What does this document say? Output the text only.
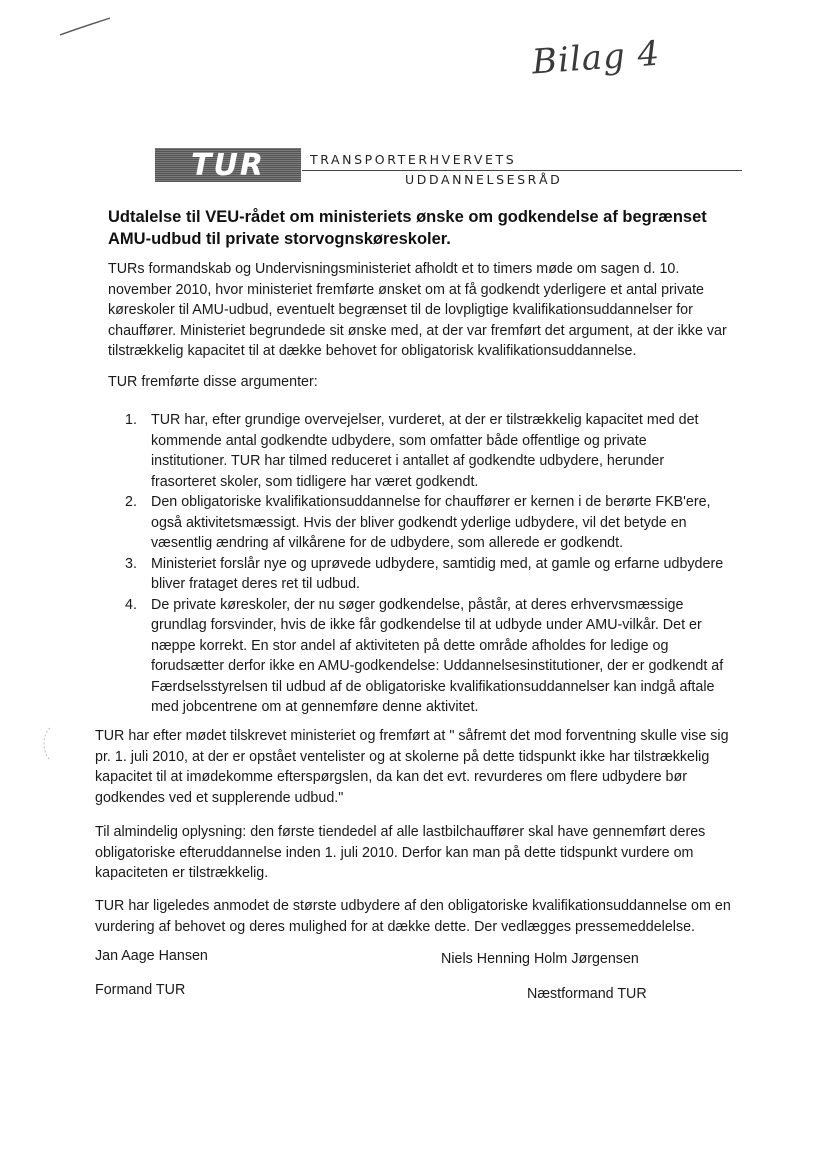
Bilag 4
TUR	TRANSPORTERHVERVETS
UDDANNELSESRÅD
Udtalelse til VEU-rådet om ministeriets ønske om godkendelse af begrænset AMU-udbud til private storvognskøreskoler.
TURs formandskab og Undervisningsministeriet afholdt et to timers møde om sagen d. 10. november 2010, hvor ministeriet fremførte ønsket om at få godkendt yderligere et antal private køreskoler til AMU-udbud, eventuelt begrænset til de lovpligtige kvalifikationsuddannelser for chauffører. Ministeriet begrundede sit ønske med, at der var fremført det argument, at der ikke var tilstrækkelig kapacitet til at dække behovet for obligatorisk kvalifikationsuddannelse.
TUR fremførte disse argumenter:
1. TUR har, efter grundige overvejelser, vurderet, at der er tilstrækkelig kapacitet med det kommende antal godkendte udbydere, som omfatter både offentlige og private institutioner. TUR har tilmed reduceret i antallet af godkendte udbydere, herunder frasorteret skoler, som tidligere har været godkendt.
2. Den obligatoriske kvalifikationsuddannelse for chauffører er kernen i de berørte FKB'ere, også aktivitetsmæssigt. Hvis der bliver godkendt yderlige udbydere, vil det betyde en væsentlig ændring af vilkårene for de udbydere, som allerede er godkendt.
3. Ministeriet forslår nye og uprøvede udbydere, samtidig med, at gamle og erfarne udbydere bliver frataget deres ret til udbud.
4. De private køreskoler, der nu søger godkendelse, påstår, at deres erhvervsmæssige grundlag forsvinder, hvis de ikke får godkendelse til at udbyde under AMU-vilkår. Det er næppe korrekt. En stor andel af aktiviteten på dette område afholdes for ledige og forudsætter derfor ikke en AMU-godkendelse: Uddannelsesinstitutioner, der er godkendt af Færdselsstyrelsen til udbud af de obligatoriske kvalifikationsuddannelser kan indgå aftale med jobcentrene om at gennemføre denne aktivitet.
TUR har efter mødet tilskrevet ministeriet og fremført at " såfremt det mod forventning skulle vise sig pr. 1. juli 2010, at der er opstået ventelister og at skolerne på dette tidspunkt ikke har tilstrækkelig kapacitet til at imødekomme efterspørgslen, da kan det evt. revurderes om flere udbydere bør godkendes ved et supplerende udbud."
Til almindelig oplysning: den første tiendedel af alle lastbilchauffører skal have gennemført deres obligatoriske efteruddannelse inden 1. juli 2010. Derfor kan man på dette tidspunkt vurdere om kapaciteten er tilstrækkelig.
TUR har ligeledes anmodet de største udbydere af den obligatoriske kvalifikationsuddannelse om en vurdering af behovet og deres mulighed for at dække dette. Der vedlægges pressemeddelelse.
Jan Aage Hansen
Formand TUR
Niels Henning Holm Jørgensen
Næstformand TUR
